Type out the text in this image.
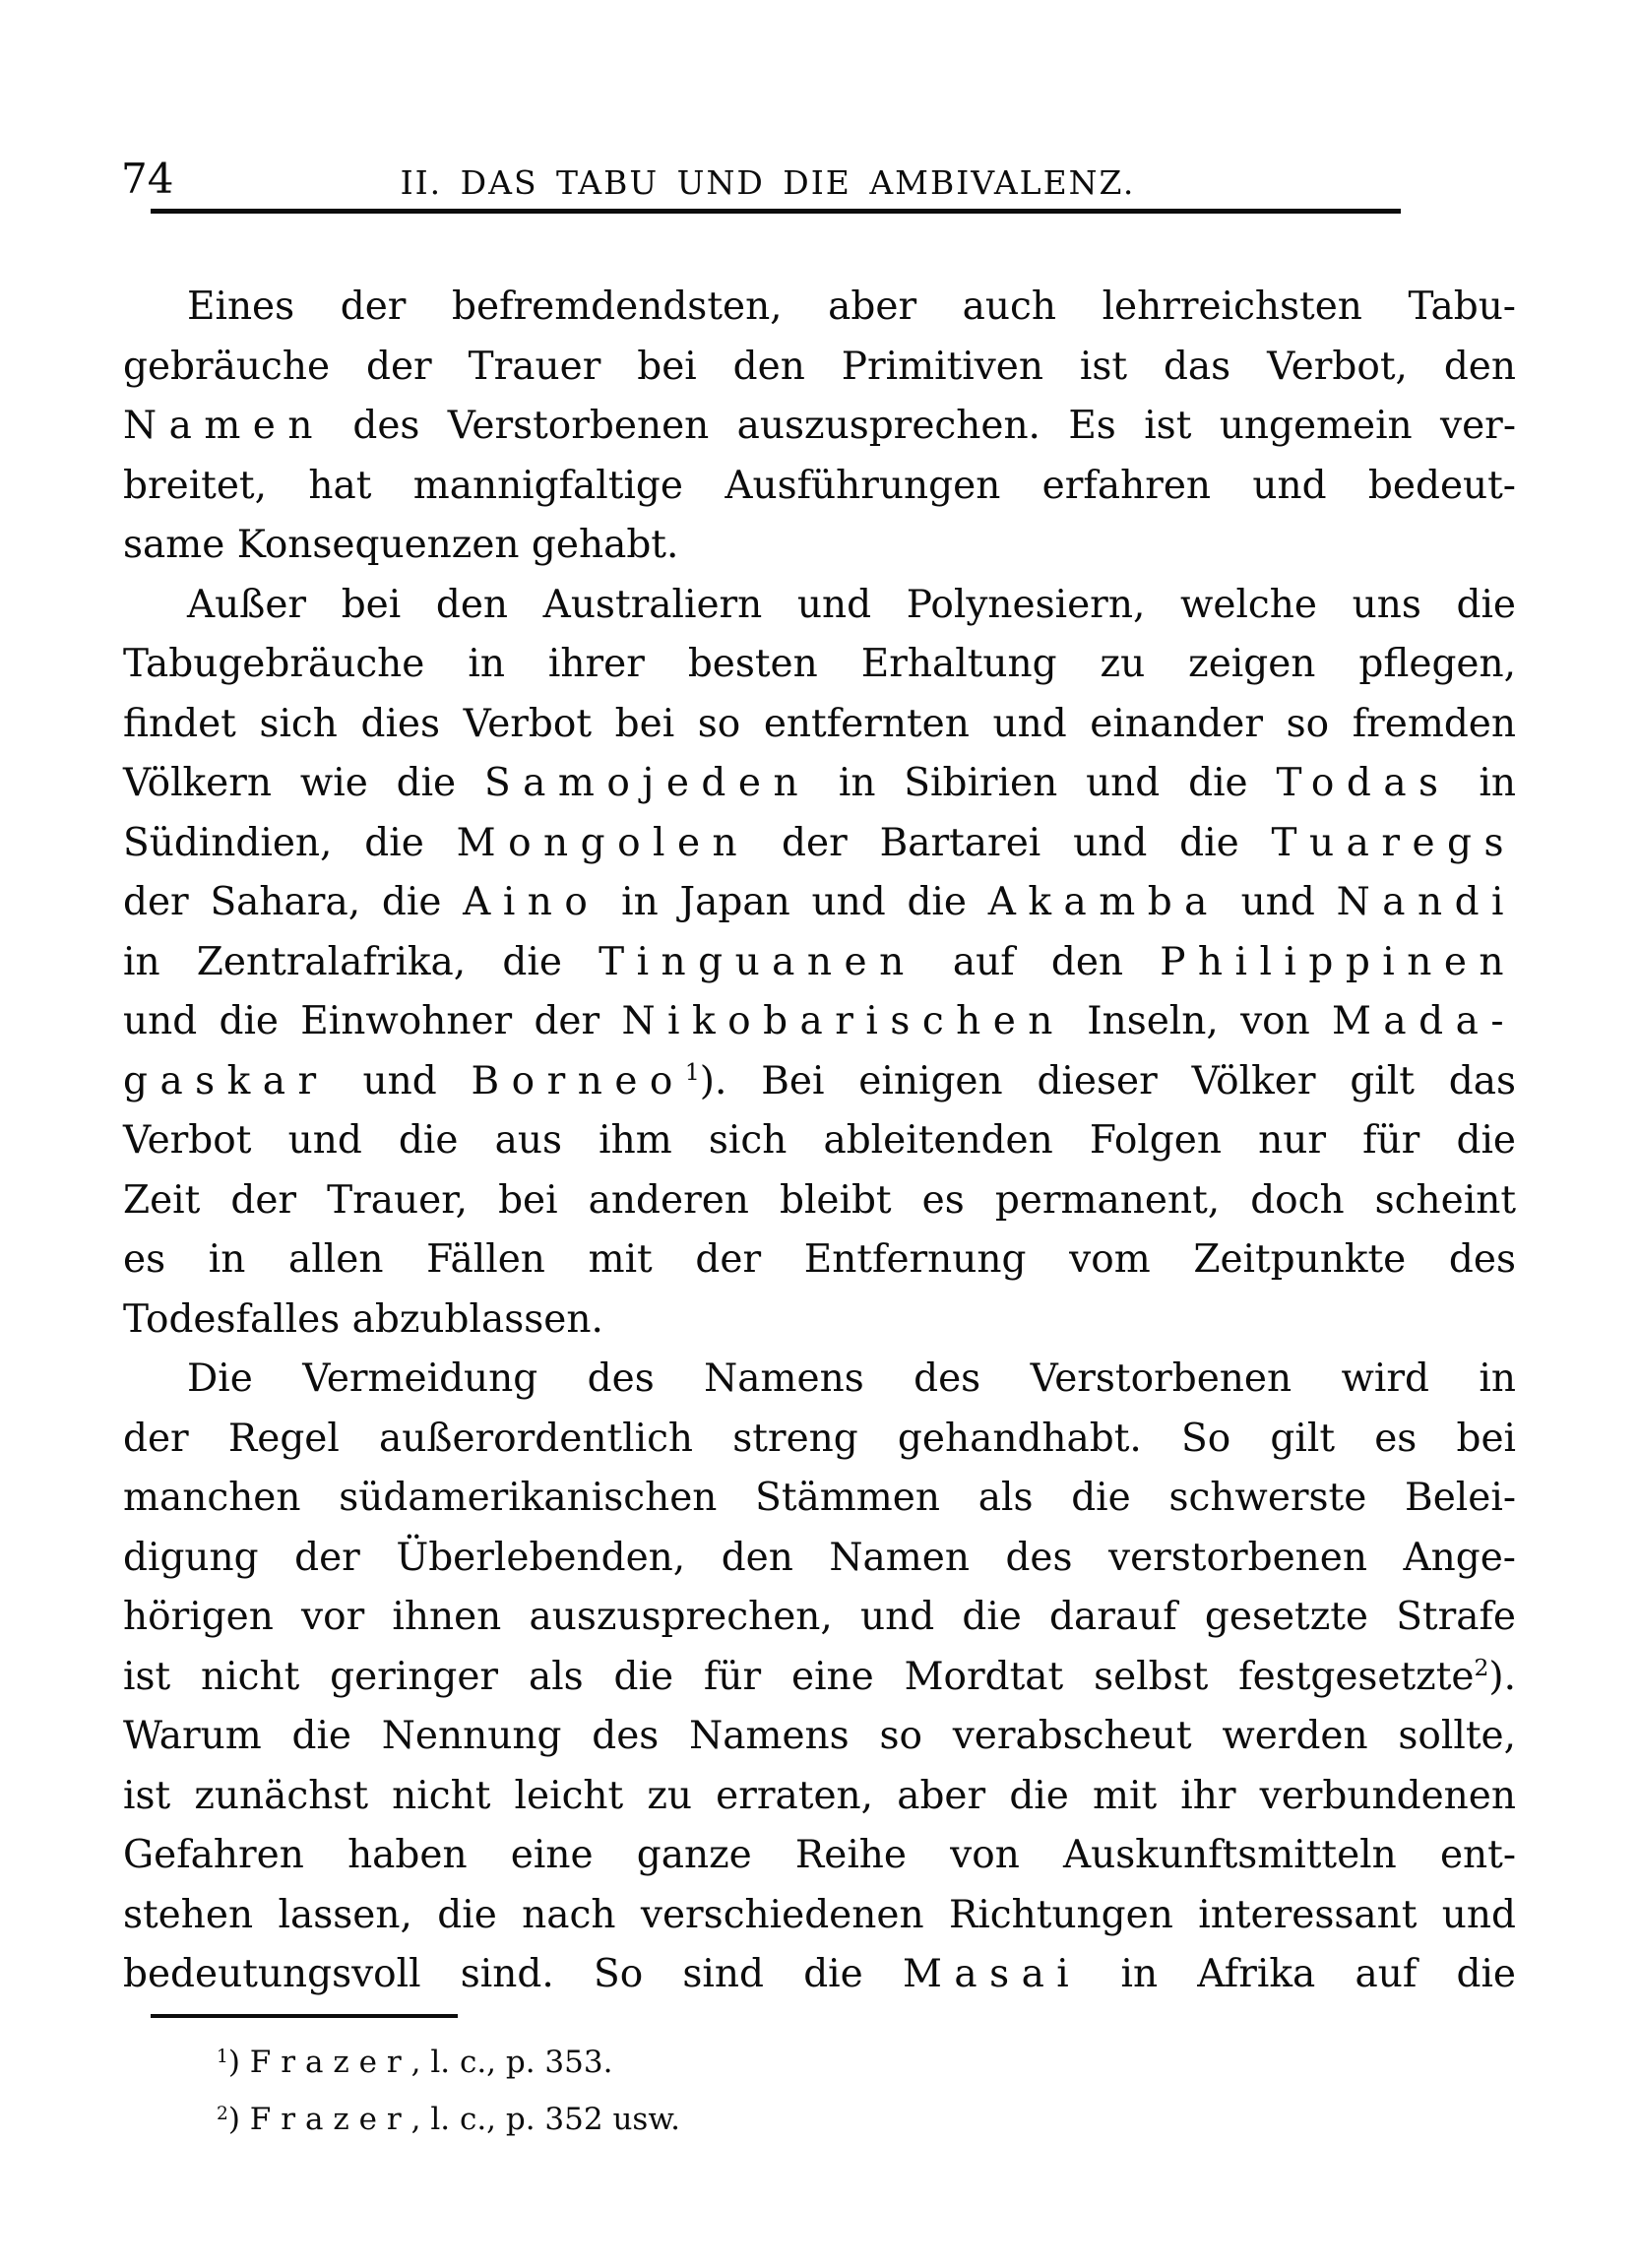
74	II. DAS TABU UND DIE AMBIVALENZ.
Eines der befremdendsten, aber auch lehrreichsten Tabu-
gebräuche der Trauer bei den Primitiven ist das Verbot, den
Namen des Verstorbenen auszusprechen. Es ist ungemein ver-
breitet, hat mannigfaltige Ausführungen erfahren und bedeut-
same Konsequenzen gehabt.
Außer bei den Australiern und Polynesiern, welche uns die
Tabugebräuche in ihrer besten Erhaltung zu zeigen pflegen,
findet sich dies Verbot bei so entfernten und einander so fremden
Völkern wie die Samojeden in Sibirien und die Todas in
Südindien, die Mongolen der Bartarei und die Tuaregs
der Sahara, die Aino in Japan und die Akamba und Nandi
in Zentralafrika, die Tinguanen auf den Philippinen
und die Einwohner der Nikobarischen Inseln, von Mada-
gaskar und Borneo$^1$). Bei einigen dieser Völker gilt das
Verbot und die aus ihm sich ableitenden Folgen nur für die
Zeit der Trauer, bei anderen bleibt es permanent, doch scheint
es in allen Fällen mit der Entfernung vom Zeitpunkte des
Todesfalles abzublassen.
Die Vermeidung des Namens des Verstorbenen wird in
der Regel außerordentlich streng gehandhabt. So gilt es bei
manchen südamerikanischen Stämmen als die schwerste Belei-
digung der Überlebenden, den Namen des verstorbenen Ange-
hörigen vor ihnen auszusprechen, und die darauf gesetzte Strafe
ist nicht geringer als die für eine Mordtat selbst festgesetzte$^2$).
Warum die Nennung des Namens so verabscheut werden sollte,
ist zunächst nicht leicht zu erraten, aber die mit ihr verbundenen
Gefahren haben eine ganze Reihe von Auskunftsmitteln ent-
stehen lassen, die nach verschiedenen Richtungen interessant und
bedeutungsvoll sind. So sind die Masai in Afrika auf die
$^1$) Frazer, l. c., p. 353.
$^2$) Frazer, l. c., p. 352 usw.
